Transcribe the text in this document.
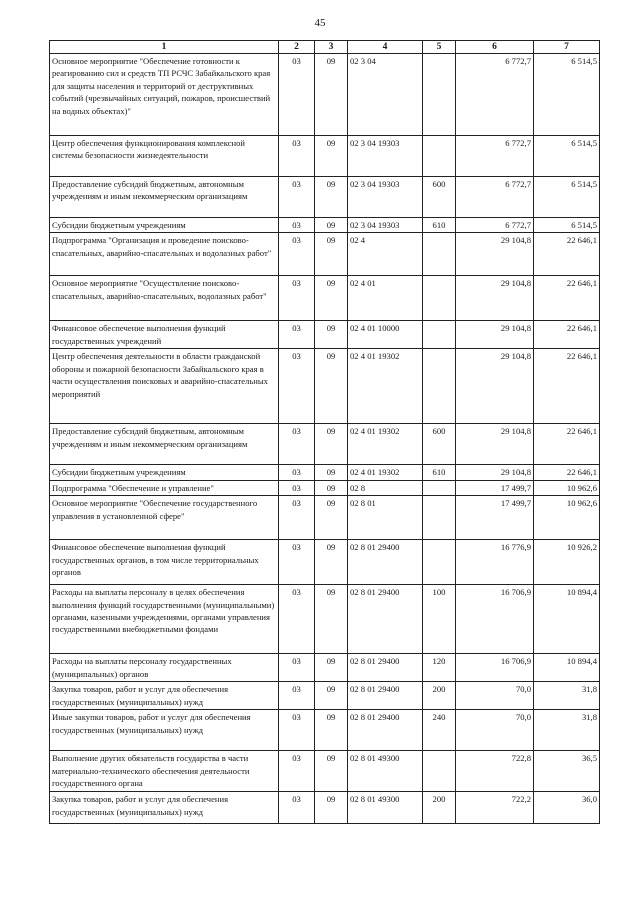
45
1	2	3	4	5	6	7
Основное мероприятие "Обеспечение готовности к реагированию сил и средств ТП РСЧС Забайкальского края для защиты населения и территорий от деструктивных событий (чрезвычайных ситуаций, пожаров, происшествий на водных объектах)"	03	09	02 3 04		6 772,7	6 514,5
Центр обеспечения функционирования комплексной системы безопасности жизнедеятельности	03	09	02 3 04 19303		6 772,7	6 514,5
Предоставление субсидий бюджетным, автономным учреждениям и иным некоммерческим организациям	03	09	02 3 04 19303	600	6 772,7	6 514,5
Субсидии бюджетным учреждениям	03	09	02 3 04 19303	610	6 772,7	6 514,5
Подпрограмма "Организация и проведение поисково-спасательных, аварийно-спасательных и водолазных работ"	03	09	02 4		29 104,8	22 646,1
Основное мероприятие "Осуществление поисково-спасательных, аварийно-спасательных, водолазных работ"	03	09	02 4 01		29 104,8	22 646,1
Финансовое обеспечение выполнения функций государственных учреждений	03	09	02 4 01 10000		29 104,8	22 646,1
Центр обеспечения деятельности в области гражданской обороны и пожарной безопасности Забайкальского края в части осуществления поисковых и аварийно-спасательных мероприятий	03	09	02 4 01 19302		29 104,8	22 646,1
Предоставление субсидий бюджетным, автономным учреждениям и иным некоммерческим организациям	03	09	02 4 01 19302	600	29 104,8	22 646,1
Субсидии бюджетным учреждениям	03	09	02 4 01 19302	610	29 104,8	22 646,1
Подпрограмма "Обеспечение и управление"	03	09	02 8		17 499,7	10 962,6
Основное мероприятие "Обеспечение государственного управления в установленной сфере"	03	09	02 8 01		17 499,7	10 962,6
Финансовое обеспечение выполнения функций государственных органов, в том числе территориальных органов	03	09	02 8 01 29400		16 776,9	10 926,2
Расходы на выплаты персоналу в целях обеспечения выполнения функций государственными (муниципальными) органами, казенными учреждениями, органами управления государственными внебюджетными фондами	03	09	02 8 01 29400	100	16 706,9	10 894,4
Расходы на выплаты персоналу государственных (муниципальных) органов	03	09	02 8 01 29400	120	16 706,9	10 894,4
Закупка товаров, работ и услуг для обеспечения государственных (муниципальных) нужд	03	09	02 8 01 29400	200	70,0	31,8
Иные закупки товаров, работ и услуг для обеспечения государственных (муниципальных) нужд	03	09	02 8 01 29400	240	70,0	31,8
Выполнение других обязательств государства в части материально-технического обеспечения деятельности государственного органа	03	09	02 8 01 49300		722,8	36,5
Закупка товаров, работ и услуг для обеспечения государственных (муниципальных) нужд	03	09	02 8 01 49300	200	722,2	36,0
